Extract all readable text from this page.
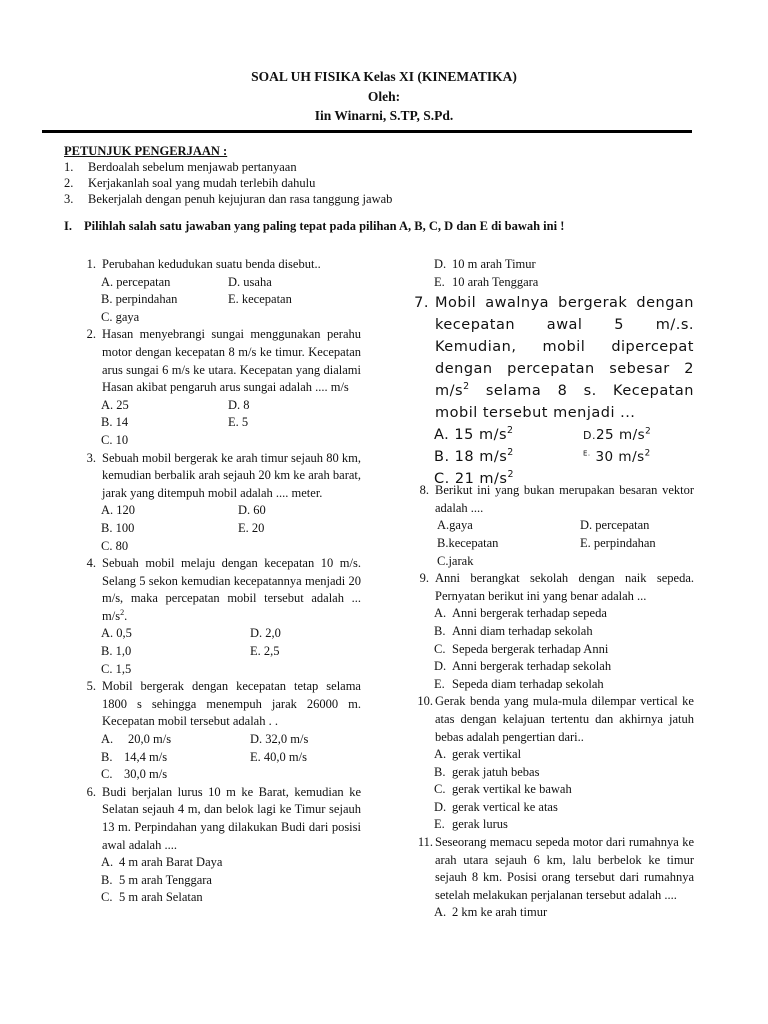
SOAL UH FISIKA Kelas XI (KINEMATIKA)
Oleh:
Iin Winarni, S.TP, S.Pd.
PETUNJUK PENGERJAAN :
1.	Berdoalah sebelum menjawab pertanyaan
2.	Kerjakanlah soal yang mudah terlebih dahulu
3.	Bekerjalah dengan penuh kejujuran dan rasa tanggung jawab
I. Pilihlah salah satu jawaban yang paling tepat pada pilihan A, B, C, D dan E di bawah ini !
1. Perubahan kedudukan suatu benda disebut..
A. percepatan	D. usaha
B. perpindahan	E. kecepatan
C. gaya
2. Hasan menyebrangi sungai menggunakan perahu motor dengan kecepatan 8 m/s ke timur. Kecepatan arus sungai 6 m/s ke utara. Kecepatan yang dialami Hasan akibat pengaruh arus sungai adalah .... m/s
A. 25	D. 8
B. 14	E. 5
C. 10
3. Sebuah mobil bergerak ke arah timur sejauh 80 km, kemudian berbalik arah sejauh 20 km ke arah barat, jarak yang ditempuh mobil adalah .... meter.
A. 120	D. 60
B. 100	E. 20
C. 80
4. Sebuah mobil melaju dengan kecepatan 10 m/s. Selang 5 sekon kemudian kecepatannya menjadi 20 m/s, maka percepatan mobil tersebut adalah ... $m/s^2$.
A. 0,5	D. 2,0
B. 1,0	E. 2,5
C. 1,5
5. Mobil bergerak dengan kecepatan tetap selama 1800 s sehingga menempuh jarak 26000 m. Kecepatan mobil tersebut adalah . .
A. 20,0 m/s	D. 32,0 m/s
B. 14,4 m/s	E. 40,0 m/s
C. 30,0 m/s
6. Budi berjalan lurus 10 m ke Barat, kemudian ke Selatan sejauh 4 m, dan belok lagi ke Timur sejauh 13 m. Perpindahan yang dilakukan Budi dari posisi awal adalah ....
A. 4 m arah Barat Daya
B. 5 m arah Tenggara
C. 5 m arah Selatan
D. 10 m arah Timur
E. 10 arah Tenggara
7. Mobil awalnya bergerak dengan
kecepatan awal 5 m/.s.
Kemudian, mobil dipercepat
dengan percepatan sebesar 2
$m/s^2$ selama 8 s. Kecepatan
mobil tersebut menjadi ...
A. 15 $m/s^2$	D.25 $m/s^2$
B. 18 $m/s^2$	$^{E.}$ 30 $m/s^2$
C. 21 $m/s^2$
8. Berikut ini yang bukan merupakan besaran vektor adalah ....
A.gaya	D. percepatan
B.kecepatan	E. perpindahan
C.jarak
9. Anni berangkat sekolah dengan naik sepeda. Pernyatan berikut ini yang benar adalah ...
A. Anni bergerak terhadap sepeda
B. Anni diam terhadap sekolah
C. Sepeda bergerak terhadap Anni
D. Anni bergerak terhadap sekolah
E. Sepeda diam terhadap sekolah
10. Gerak benda yang mula-mula dilempar vertical ke atas dengan kelajuan tertentu dan akhirnya jatuh bebas adalah pengertian dari..
A. gerak vertikal
B. gerak jatuh bebas
C. gerak vertikal ke bawah
D. gerak vertical ke atas
E. gerak lurus
11. Seseorang memacu sepeda motor dari rumahnya ke arah utara sejauh 6 km, lalu berbelok ke timur sejauh 8 km. Posisi orang tersebut dari rumahnya setelah melakukan perjalanan tersebut adalah ....
A. 2 km ke arah timur
